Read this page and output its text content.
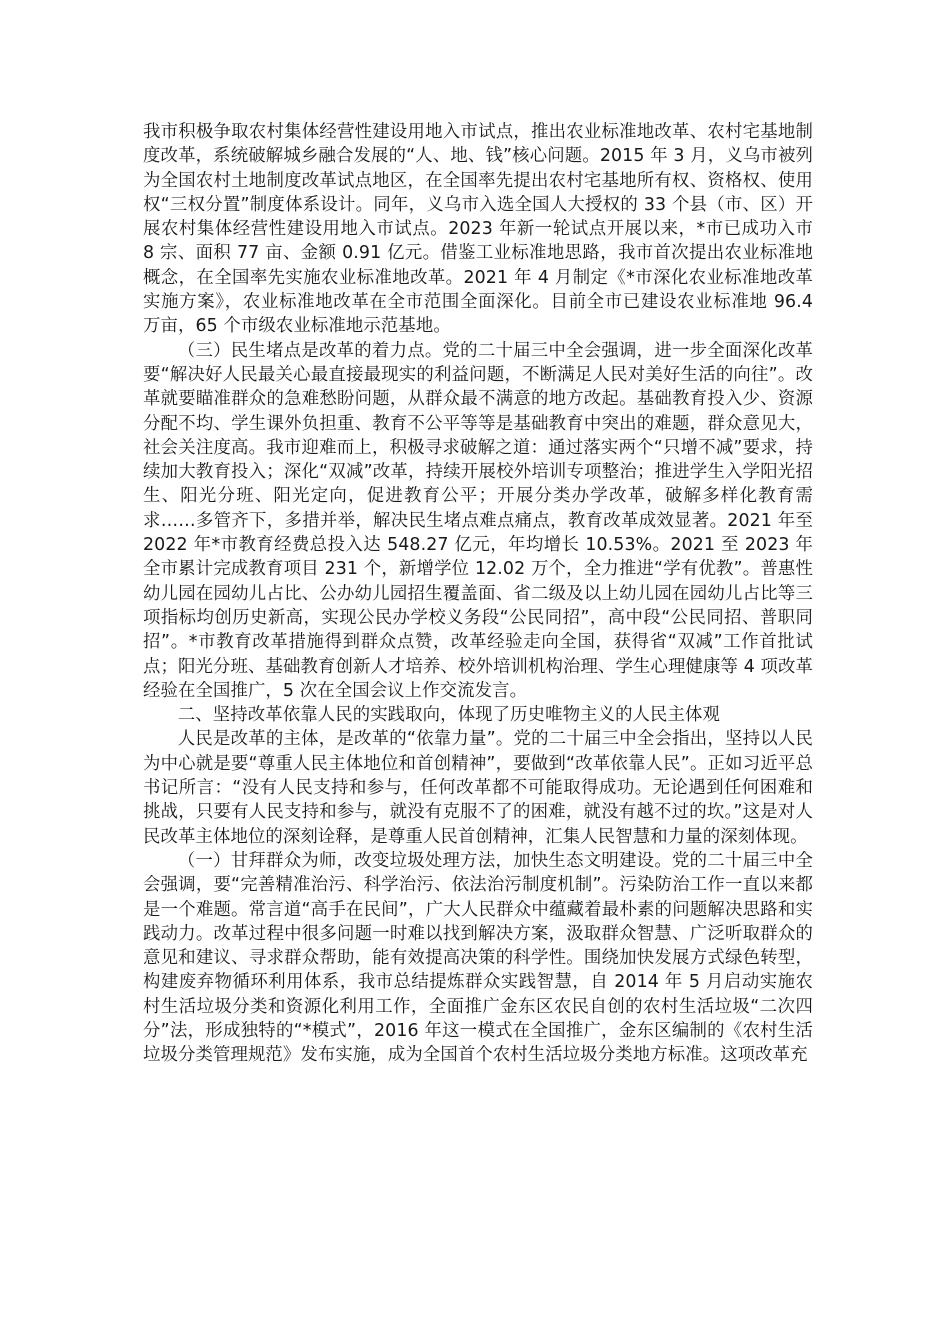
我市积极争取农村集体经营性建设用地入市试点，推出农业标准地改革、农村宅基地制度改革，系统破解城乡融合发展的“人、地、钱”核心问题。2015 年 3 月，义乌市被列为全国农村土地制度改革试点地区，在全国率先提出农村宅基地所有权、资格权、使用权“三权分置”制度体系设计。同年，义乌市入选全国人大授权的 33 个县（市、区）开展农村集体经营性建设用地入市试点。2023 年新一轮试点开展以来，*市已成功入市 8 宗、面积 77 亩、金额 0.91 亿元。借鉴工业标准地思路，我市首次提出农业标准地概念，在全国率先实施农业标准地改革。2021 年 4 月制定《*市深化农业标准地改革实施方案》，农业标准地改革在全市范围全面深化。目前全市已建设农业标准地 96.4 万亩，65 个市级农业标准地示范基地。

（三）民生堵点是改革的着力点。党的二十届三中全会强调，进一步全面深化改革要“解决好人民最关心最直接最现实的利益问题，不断满足人民对美好生活的向往”。改革就要瞄准群众的急难愁盼问题，从群众最不满意的地方改起。基础教育投入少、资源分配不均、学生课外负担重、教育不公平等等是基础教育中突出的难题，群众意见大，社会关注度高。我市迎难而上，积极寻求破解之道：通过落实两个“只增不减”要求，持续加大教育投入；深化“双减”改革，持续开展校外培训专项整治；推进学生入学阳光招生、阳光分班、阳光定向，促进教育公平；开展分类办学改革，破解多样化教育需求……多管齐下，多措并举，解决民生堵点难点痛点，教育改革成效显著。2021 年至 2022 年*市教育经费总投入达 548.27 亿元，年均增长 10.53%。2021 至 2023 年全市累计完成教育项目 231 个，新增学位 12.02 万个，全力推进“学有优教”。普惠性幼儿园在园幼儿占比、公办幼儿园招生覆盖面、省二级及以上幼儿园在园幼儿占比等三项指标均创历史新高，实现公民办学校义务段“公民同招”，高中段“公民同招、普职同招”。*市教育改革措施得到群众点赞，改革经验走向全国，获得省“双减”工作首批试点；阳光分班、基础教育创新人才培养、校外培训机构治理、学生心理健康等 4 项改革经验在全国推广，5 次在全国会议上作交流发言。

二、坚持改革依靠人民的实践取向，体现了历史唯物主义的人民主体观

人民是改革的主体，是改革的“依靠力量”。党的二十届三中全会指出，坚持以人民为中心就是要“尊重人民主体地位和首创精神”，要做到“改革依靠人民”。正如习近平总书记所言：“没有人民支持和参与，任何改革都不可能取得成功。无论遇到任何困难和挑战，只要有人民支持和参与，就没有克服不了的困难，就没有越不过的坎。”这是对人民改革主体地位的深刻诠释，是尊重人民首创精神，汇集人民智慧和力量的深刻体现。

（一）甘拜群众为师，改变垃圾处理方法，加快生态文明建设。党的二十届三中全会强调，要“完善精准治污、科学治污、依法治污制度机制”。污染防治工作一直以来都是一个难题。常言道“高手在民间”，广大人民群众中蕴藏着最朴素的问题解决思路和实践动力。改革过程中很多问题一时难以找到解决方案，汲取群众智慧、广泛听取群众的意见和建议、寻求群众帮助，能有效提高决策的科学性。围绕加快发展方式绿色转型，构建废弃物循环利用体系，我市总结提炼群众实践智慧，自 2014 年 5 月启动实施农村生活垃圾分类和资源化利用工作，全面推广金东区农民自创的农村生活垃圾“二次四分”法，形成独特的“*模式”，2016 年这一模式在全国推广，金东区编制的《农村生活垃圾分类管理规范》发布实施，成为全国首个农村生活垃圾分类地方标准。这项改革充
